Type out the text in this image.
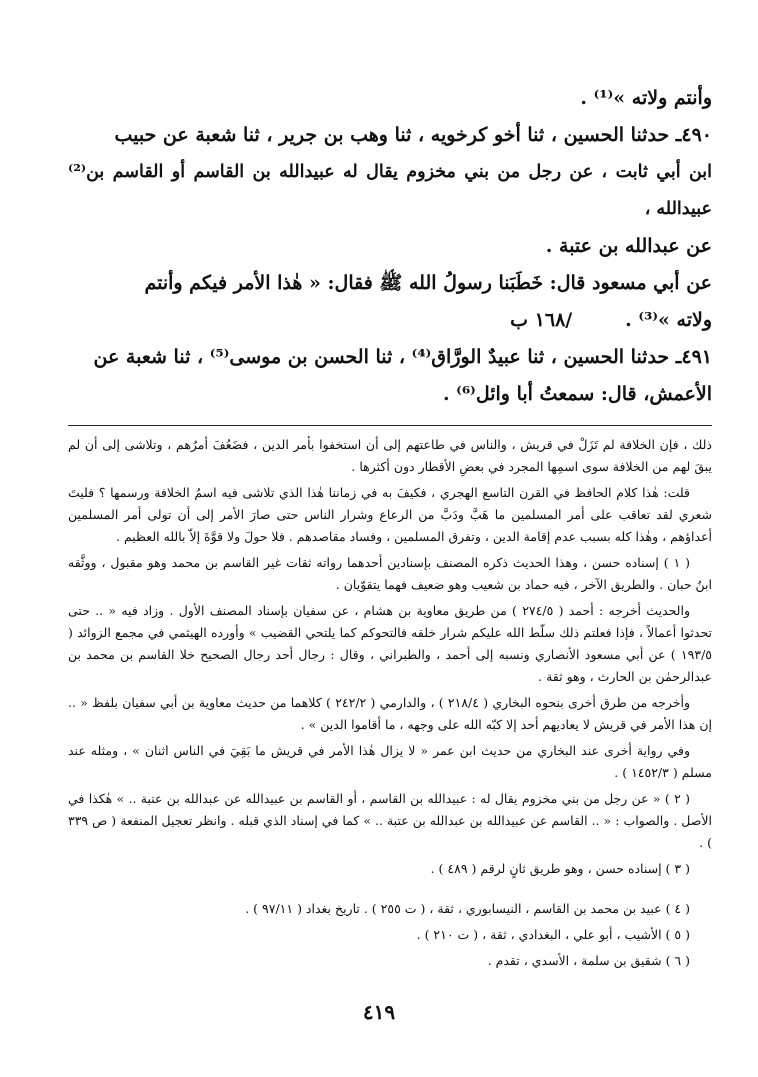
وأنتم ولاته »⁽¹⁾ .

٤٩٠ـ حدثنا الحسين ، ثنا أخو كرخويه ، ثنا وهب بن جرير ، ثنا شعبة عن حبيب

ابن أبي ثابت ، عن رجل من بني مخزوم يقال له عبيدالله بن القاسم أو القاسم بن⁽²⁾ عبيدالله ،

عن عبدالله بن عتبة .

عن أبي مسعود قال: خَطَبَنا رسولُ الله ﷺ فقال: « هٰذا الأمر فيكم وأنتم

ولاته »⁽³⁾ .        /١٦٨ ب

٤٩١ـ حدثنا الحسين ، ثنا عبيدٌ الورَّاق⁽⁴⁾ ، ثنا الحسن بن موسى⁽⁵⁾ ، ثنا شعبة عن

الأعمش، قال: سمعتُ أبا وائل⁽⁶⁾ .

ذلك ، فإن الخلافة لم تَزَلْ في قريش ، والناس في طاعتهم إلى أن استخفوا بأمر الدين ، فضَعُفَ أمرُهم ، وتلاشى إلى أن لم يبقَ لهم من الخلافة سوى اسمِها المجرد في بعضِ الأقطار دون أكثرها .

قلت: هٰذا كلام الحافظ في القرن التاسع الهجري ، فكيفَ به في زماننا هٰذا الذي تلاشى فيه اسمُ الخلافة ورسمها ؟ فليتَ شعري لقد تعاقب على أمر المسلمين ما هَبَّ ودَبَّ من الرعاع وشرار الناس حتى صارَ الأمر إلى أن تولى أمر المسلمين أعداؤهم ، وهٰذا كله بسبب عدم إقامة الدين ، وتفرق المسلمين ، وفساد مقاصدهم . فلا حولَ ولا قوَّةَ إلاّ بالله العظيم .

( ١ ) إسناده حسن ، وهذا الحديث ذكره المصنف بإسنادين أحدهما رواته ثقات غير القاسم بن محمد وهو مقبول ، ووثَّقه ابنُ حبان . والطريق الآخر ، فيه حماد بن شعيب وهو ضعيف فهما يتقوّيان .

والحديث أخرجه : أحمد ( ٢٧٤/٥ ) من طريق معاوية بن هشام ، عن سفيان بإسناد المصنف الأول . وزاد فيه « .. حتى تحدثوا أعمالاً ، فإذا فعلتم ذلك سلّط الله عليكم شرار خلقه فالتحوكم كما يلتحي القضيب » وأورده الهيثمي في مجمع الزوائد ( ١٩٣/٥ ) عن أبي مسعود الأنصاري ونسبه إلى أحمد ، والطبراني ، وقال : رجال أحد رجال الصحيح خلا القاسم بن محمد بن عبدالرحمٰن بن الحارث ، وهو ثقة .

وأخرجه من طرق أخرى بنحوه البخاري ( ٢١٨/٤ ) ، والدارمي ( ٢٤٢/٢ ) كلاهما من حديث معاوية بن أبي سفيان بلفظ « .. إن هذا الأمر في قريش لا يعاديهم أحد إلا كبّه الله على وجهه ، ما أقاموا الدين » .

وفي رواية أخرى عند البخاري من حديث ابن عمر « لا يزال هٰذا الأمر في قريش ما بَقِيَ في الناس اثنان » ، ومثله عند مسلم ( ١٤٥٢/٣ ) .

( ٢ ) « عن رجل من بني مخزوم يقال له : عبيدالله بن القاسم ، أو القاسم بن عبيدالله عن عبدالله بن عتبة .. » هٰكذا في الأصل . والصواب : « .. القاسم عن عبيدالله بن عبدالله بن عتبة .. » كما في إسناد الذي قبله . وانظر تعجيل المنفعة ( ص ٣٣٩ ) .

( ٣ ) إسناده حسن ، وهو طريق ثانٍ لرقم ( ٤٨٩ ) .

( ٤ ) عبيد بن محمد بن القاسم ، النيسابوري ، ثقة ، ( ت ٢٥٥ ) . تاريخ بغداد ( ٩٧/١١ ) .

( ٥ ) الأشيب ، أبو علي ، البغدادي ، ثقة ، ( ت ٢١٠ ) .

( ٦ ) شقيق بن سلمة ، الأسدي ، تقدم .

٤١٩
